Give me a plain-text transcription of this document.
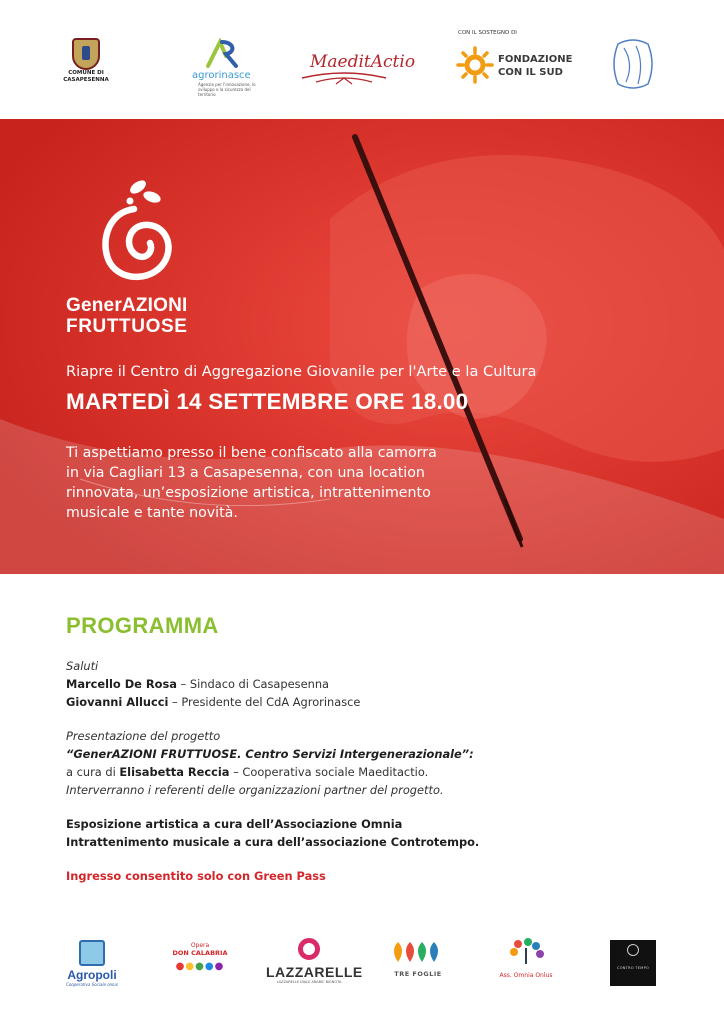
COMUNE DI
CASAPESENNA	agrorinasce
Agenzia per l'innovazione, lo sviluppo e la sicurezza del territorio
MaeditActio
CON IL SOSTEGNO DI
FONDAZIONE
CON IL SUD
GenerAZIONI
FRUTTUOSE
Riapre il Centro di Aggregazione Giovanile per l'Arte e la Cultura
MARTEDÌ 14 SETTEMBRE ORE 18.00
Ti aspettiamo presso il bene confiscato alla camorra
in via Cagliari 13 a Casapesenna, con una location
rinnovata, un’esposizione artistica, intrattenimento
musicale e tante novità.
PROGRAMMA
Saluti
Marcello De Rosa – Sindaco di Casapesenna
Giovanni Allucci – Presidente del CdA Agrorinasce
Presentazione del progetto
“GenerAZIONI FRUTTUOSE. Centro Servizi Intergenerazionale”:
a cura di Elisabetta Reccia – Cooperativa sociale Maeditactio.
Interverranno i referenti delle organizzazioni partner del progetto.
Esposizione artistica a cura dell’Associazione Omnia
Intrattenimento musicale a cura dell’associazione Controtempo.
Ingresso consentito solo con Green Pass
Agropoli
Cooperativa Sociale onlus
Opera
DON CALABRIA
●●●●●	LAZZARELLE
LAZZARELLE DIALE ARABIC BIGNOTA
TRE FOGLIE	Ass. Omnia Onlus
CONTRO TEMPO
